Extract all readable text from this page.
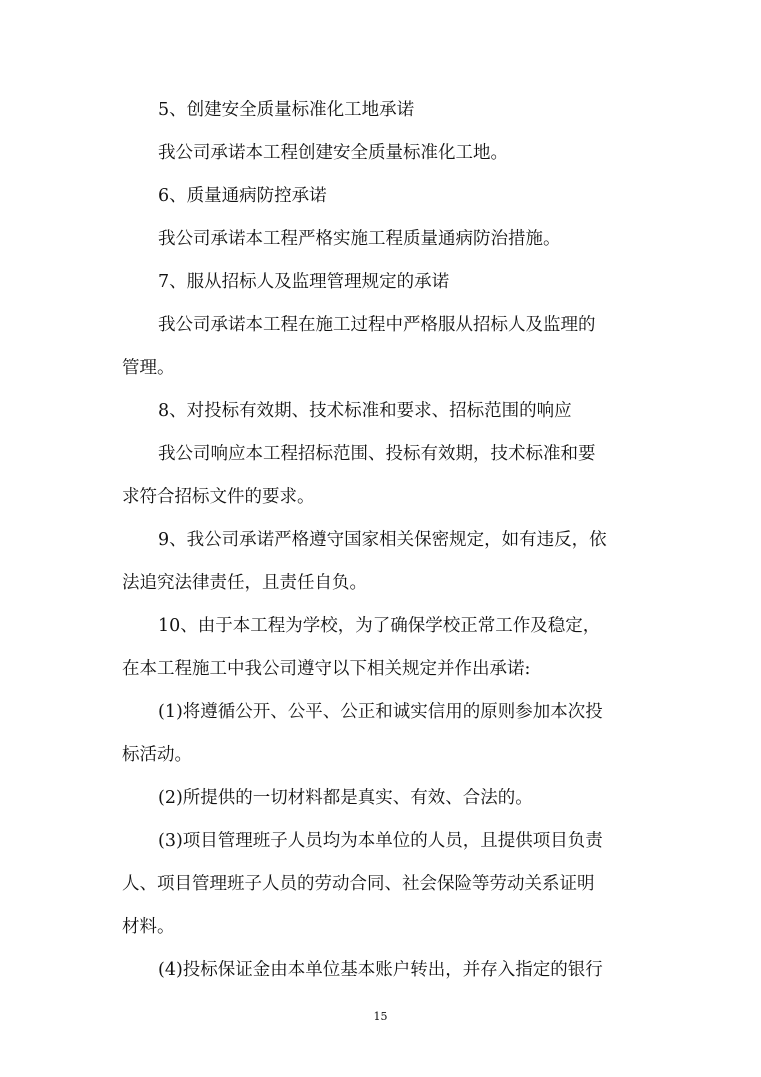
5、创建安全质量标准化工地承诺
我公司承诺本工程创建安全质量标准化工地。
6、质量通病防控承诺
我公司承诺本工程严格实施工程质量通病防治措施。
7、服从招标人及监理管理规定的承诺
我公司承诺本工程在施工过程中严格服从招标人及监理的
管理。
8、对投标有效期、技术标准和要求、招标范围的响应
我公司响应本工程招标范围、投标有效期，技术标准和要
求符合招标文件的要求。
9、我公司承诺严格遵守国家相关保密规定，如有违反，依
法追究法律责任，且责任自负。
10、由于本工程为学校，为了确保学校正常工作及稳定，
在本工程施工中我公司遵守以下相关规定并作出承诺:
(1)将遵循公开、公平、公正和诚实信用的原则参加本次投
标活动。
(2)所提供的一切材料都是真实、有效、合法的。
(3)项目管理班子人员均为本单位的人员，且提供项目负责
人、项目管理班子人员的劳动合同、社会保险等劳动关系证明
材料。
(4)投标保证金由本单位基本账户转出，并存入指定的银行
15
